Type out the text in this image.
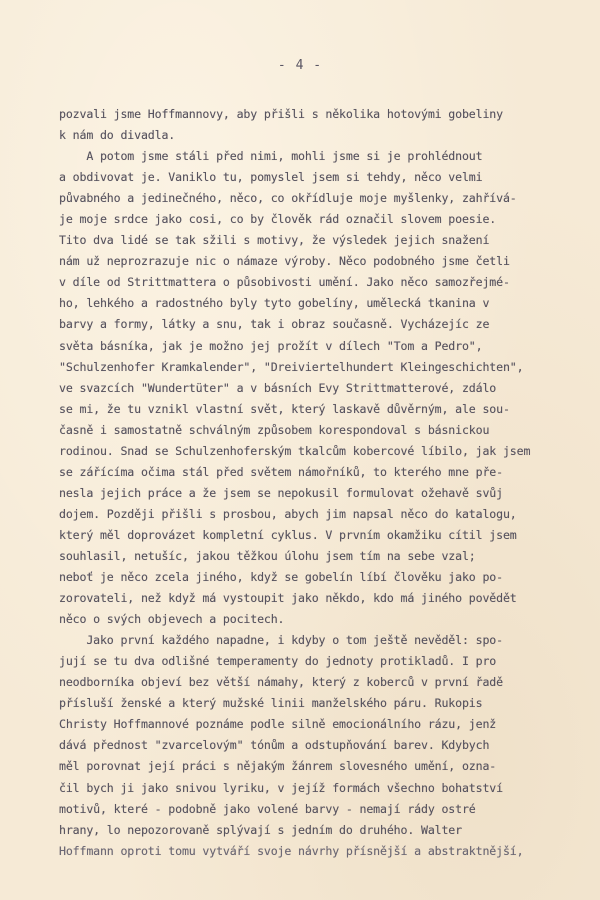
- 4 -
pozvali jsme Hoffmannovy, aby přišli s několika hotovými gobeliny
k nám do divadla.
A potom jsme stáli před nimi, mohli jsme si je prohlédnout
a obdivovat je. Vaniklo tu, pomyslel jsem si tehdy, něco velmi
půvabného a jedinečného, něco, co okřídluje moje myšlenky, zahřívá-
je moje srdce jako cosi, co by člověk rád označil slovem poesie.
Tito dva lidé se tak sžili s motivy, že výsledek jejich snažení
nám už neprozrazuje nic o námaze výroby. Něco podobného jsme četli
v díle od Strittmattera o působivosti umění. Jako něco samozřejmé-
ho, lehkého a radostného byly tyto gobelíny, umělecká tkanina v
barvy a formy, látky a snu, tak i obraz současně. Vycházejíc ze
světa básníka, jak je možno jej prožít v dílech "Tom a Pedro",
"Schulzenhofer Kramkalender", "Dreiviertelhundert Kleingeschichten",
ve svazcích "Wundertüter" a v básních Evy Strittmatterové, zdálo
se mi, že tu vznikl vlastní svět, který laskavě důvěrným, ale sou-
časně i samostatně schválným způsobem korespondoval s básnickou
rodinou. Snad se Schulzenhoferským tkalcům kobercové líbilo, jak jsem
se zářícíma očima stál před světem námořníků, to kterého mne pře-
nesla jejich práce a že jsem se nepokusil formulovat ožehavě svůj
dojem. Později přišli s prosbou, abych jim napsal něco do katalogu,
který měl doprovázet kompletní cyklus. V prvním okamžiku cítil jsem
souhlasil, netušíc, jakou těžkou úlohu jsem tím na sebe vzal;
neboť je něco zcela jiného, když se gobelín líbí člověku jako po-
zorovateli, než když má vystoupit jako někdo, kdo má jiného povědět
něco o svých objevech a pocitech.
Jako první každého napadne, i kdyby o tom ještě nevěděl: spo-
jují se tu dva odlišné temperamenty do jednoty protikladů. I pro
neodborníka objeví bez větší námahy, který z koberců v první řadě
přísluší ženské a který mužské linii manželského páru. Rukopis
Christy Hoffmannové poznáme podle silně emocionálního rázu, jenž
dává přednost "zvarcelovým" tónům a odstupňování barev. Kdybych
měl porovnat její práci s nějakým žánrem slovesného umění, ozna-
čil bych ji jako snivou lyriku, v jejíž formách všechno bohatství
motivů, které - podobně jako volené barvy - nemají rády ostré
hrany, lo nepozorovaně splývají s jedním do druhého. Walter
Hoffmann oproti tomu vytváří svoje návrhy přísnější a abstraktnější,
